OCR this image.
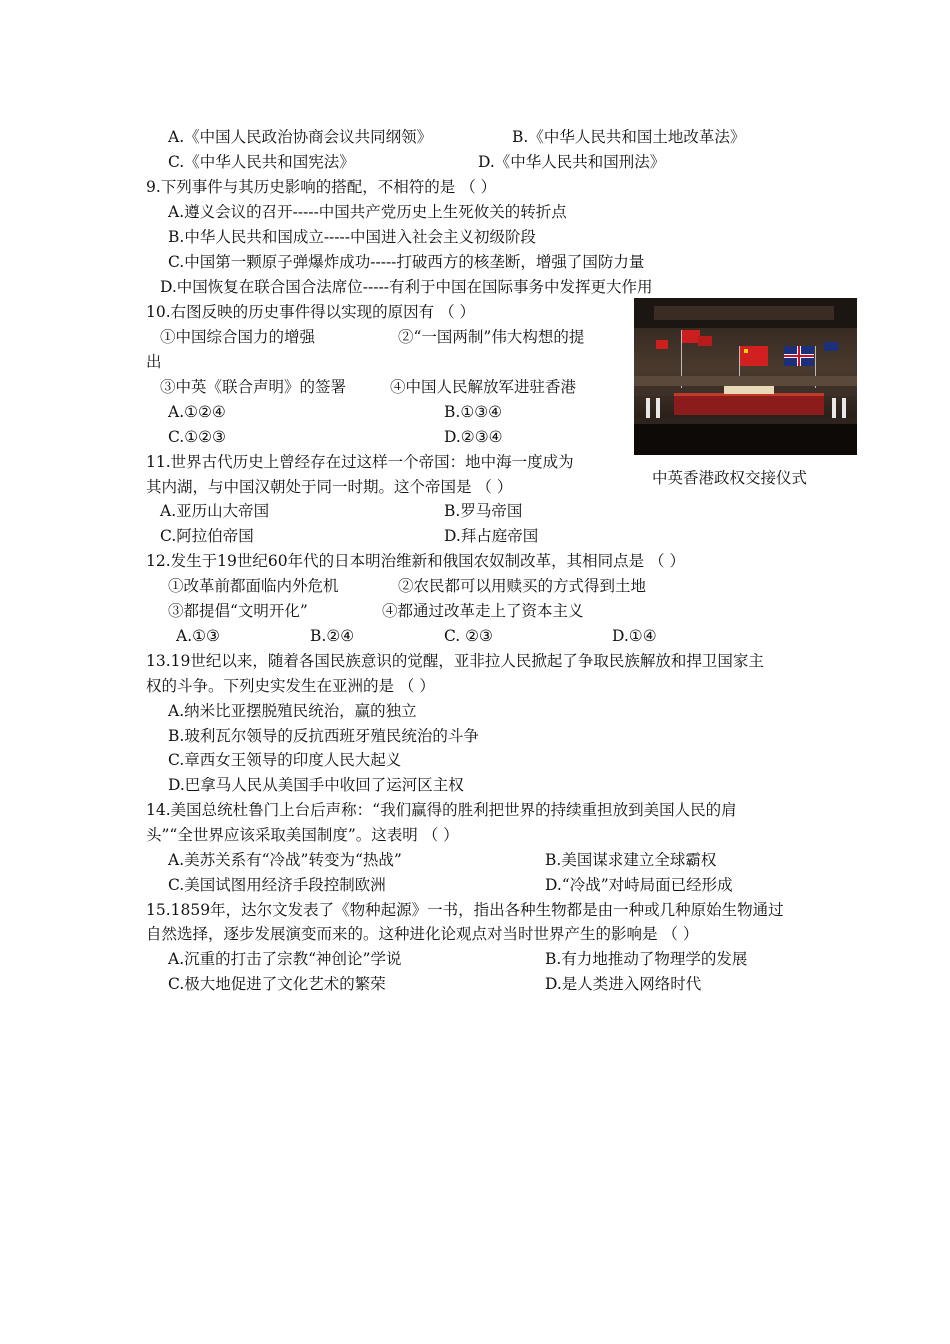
A.《中国人民政治协商会议共同纲领》	B.《中华人民共和国土地改革法》
C.《中华人民共和国宪法》	D.《中华人民共和国刑法》
9.下列事件与其历史影响的搭配，不相符的是 （ ）
A.遵义会议的召开-----中国共产党历史上生死攸关的转折点
B.中华人民共和国成立-----中国进入社会主义初级阶段
C.中国第一颗原子弹爆炸成功-----打破西方的核垄断，增强了国防力量
D.中国恢复在联合国合法席位-----有利于中国在国际事务中发挥更大作用
10.右图反映的历史事件得以实现的原因有 （ ）
①中国综合国力的增强	②“一国两制”伟大构想的提
出
③中英《联合声明》的签署	④中国人民解放军进驻香港
A.①②④	B.①③④
C.①②③	D.②③④
中英香港政权交接仪式
11.世界古代历史上曾经存在过这样一个帝国：地中海一度成为
其内湖，与中国汉朝处于同一时期。这个帝国是 （ ）
A.亚历山大帝国	B.罗马帝国
C.阿拉伯帝国	D.拜占庭帝国
12.发生于19世纪60年代的日本明治维新和俄国农奴制改革，其相同点是 （ ）
①改革前都面临内外危机	②农民都可以用赎买的方式得到土地
③都提倡“文明开化”	④都通过改革走上了资本主义
A.①③	B.②④	C. ②③	D.①④
13.19世纪以来，随着各国民族意识的觉醒，亚非拉人民掀起了争取民族解放和捍卫国家主
权的斗争。下列史实发生在亚洲的是 （ ）
A.纳米比亚摆脱殖民统治，赢的独立
B.玻利瓦尔领导的反抗西班牙殖民统治的斗争
C.章西女王领导的印度人民大起义
D.巴拿马人民从美国手中收回了运河区主权
14.美国总统杜鲁门上台后声称：“我们赢得的胜利把世界的持续重担放到美国人民的肩
头”“全世界应该采取美国制度”。这表明 （ ）
A.美苏关系有“冷战”转变为“热战”	B.美国谋求建立全球霸权
C.美国试图用经济手段控制欧洲	D.“冷战”对峙局面已经形成
15.1859年，达尔文发表了《物种起源》一书，指出各种生物都是由一种或几种原始生物通过
自然选择，逐步发展演变而来的。这种进化论观点对当时世界产生的影响是 （ ）
A.沉重的打击了宗教“神创论”学说	B.有力地推动了物理学的发展
C.极大地促进了文化艺术的繁荣	D.是人类进入网络时代
